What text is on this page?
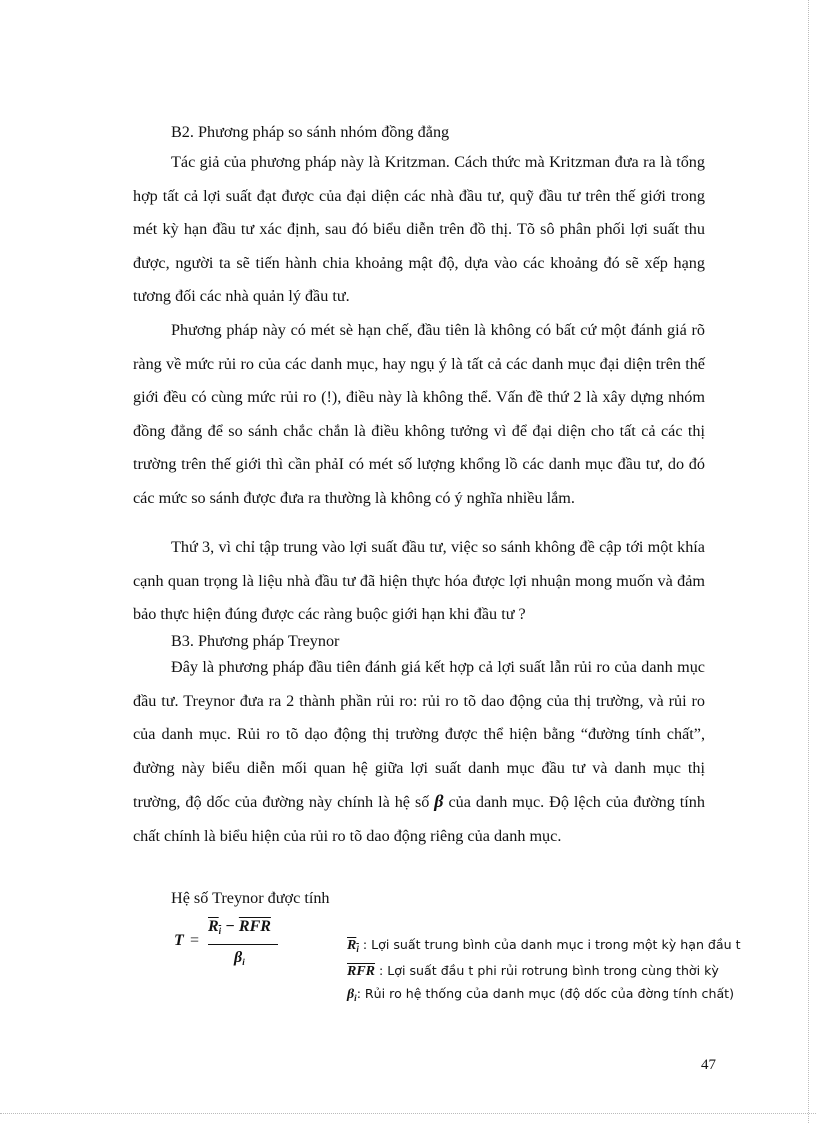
B2. Phương pháp so sánh nhóm đồng đẳng

Tác giả của phương pháp này là Kritzman. Cách thức mà Kritzman đưa ra là tổng hợp tất cả lợi suất đạt được của đại diện các nhà đầu tư, quỹ đầu tư trên thế giới trong mét kỳ hạn đầu tư xác định, sau đó biểu diễn trên đồ thị. Tõ sô phân phối lợi suất thu được, người ta sẽ tiến hành chia khoảng mật độ, dựa vào các khoảng đó sẽ xếp hạng tương đối các nhà quản lý đầu tư.

Phương pháp này có mét sè hạn chế, đầu tiên là không có bất cứ một đánh giá rõ ràng về mức rủi ro của các danh mục, hay ngụ ý là tất cả các danh mục đại diện trên thế giới đều có cùng mức rủi ro (!), điều này là không thể. Vấn đề thứ 2 là xây dựng nhóm đồng đẳng để so sánh chắc chắn là điều không tưởng vì để đại diện cho tất cả các thị trường trên thế giới thì cần phảI có mét số lượng khổng lồ các danh mục đầu tư, do đó các mức so sánh được đưa ra thường là không có ý nghĩa nhiều lắm.

Thứ 3, vì chỉ tập trung vào lợi suất đầu tư, việc so sánh không đề cập tới một khía cạnh quan trọng là liệu nhà đầu tư đã hiện thực hóa được lợi nhuận mong muốn và đảm bảo thực hiện đúng được các ràng buộc giới hạn khi đầu tư ?

B3. Phương pháp Treynor

Đây là phương pháp đầu tiên đánh giá kết hợp cả lợi suất lẫn rủi ro của danh mục đầu tư. Treynor đưa ra 2 thành phần rủi ro: rủi ro tõ dao động của thị trường, và rủi ro của danh mục. Rủi ro tõ dạo động thị trường được thể hiện bằng “đường tính chất”, đường này biểu diễn mối quan hệ giữa lợi suất danh mục đầu tư và danh mục thị trường, độ dốc của đường này chính là hệ số β của danh mục. Độ lệch của đường tính chất chính là biểu hiện của rủi ro tõ dao động riêng của danh mục.

Hệ số Treynor được tính

T =
$R_i - \overline{RFR}$
$\beta_i$
$R_i$ : Lợi suất trung bình của danh mục i trong một kỳ hạn đầu t
$\overline{RFR}$ : Lợi suất đầu t phi rủi rotrung bình trong cùng thời kỳ
$\beta_i$: Rủi ro hệ thống của danh mục (độ dốc của đờng tính chất)
47
